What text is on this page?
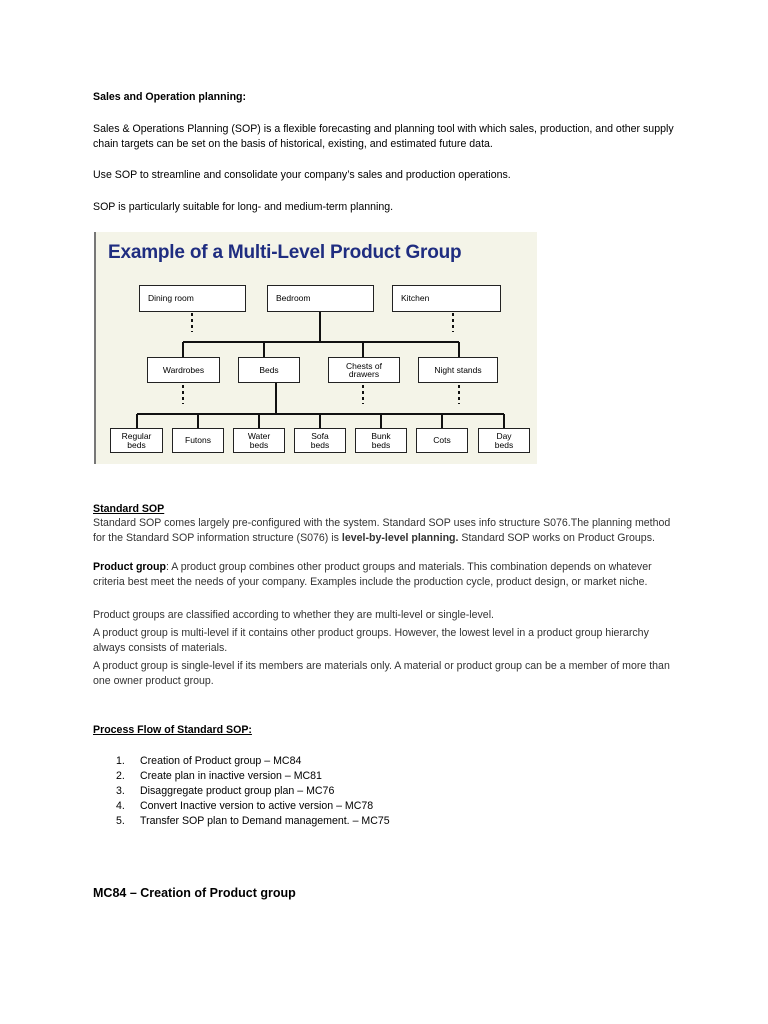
Sales and Operation planning:

Sales & Operations Planning (SOP) is a flexible forecasting and planning tool with which sales, production, and other supply chain targets can be set on the basis of historical, existing, and estimated future data.

Use SOP to streamline and consolidate your company’s sales and production operations.

SOP is particularly suitable for long- and medium-term planning.

Example of a Multi-Level Product Group
Dining room	Bedroom	Kitchen
Wardrobes	Beds	Chests of drawers	Night stands
Regular beds	Futons	Water beds
Sofa beds
Bunk beds	Cots	Day beds

Standard SOP

Standard SOP comes largely pre-configured with the system. Standard SOP uses info structure S076.The planning method for the Standard SOP information structure (S076) is level-by-level planning. Standard SOP works on Product Groups.

Product group: A product group combines other product groups and materials. This combination depends on whatever criteria best meet the needs of your company. Examples include the production cycle, product design, or market niche.

Product groups are classified according to whether they are multi-level or single-level.

A product group is multi-level if it contains other product groups. However, the lowest level in a product group hierarchy always consists of materials.

A product group is single-level if its members are materials only. A material or product group can be a member of more than one owner product group.

Process Flow of Standard SOP:

1. Creation of Product group – MC84
2. Create plan in inactive version – MC81
3. Disaggregate product group plan – MC76
4. Convert Inactive version to active version – MC78
5. Transfer SOP plan to Demand management. – MC75

MC84 – Creation of Product group
